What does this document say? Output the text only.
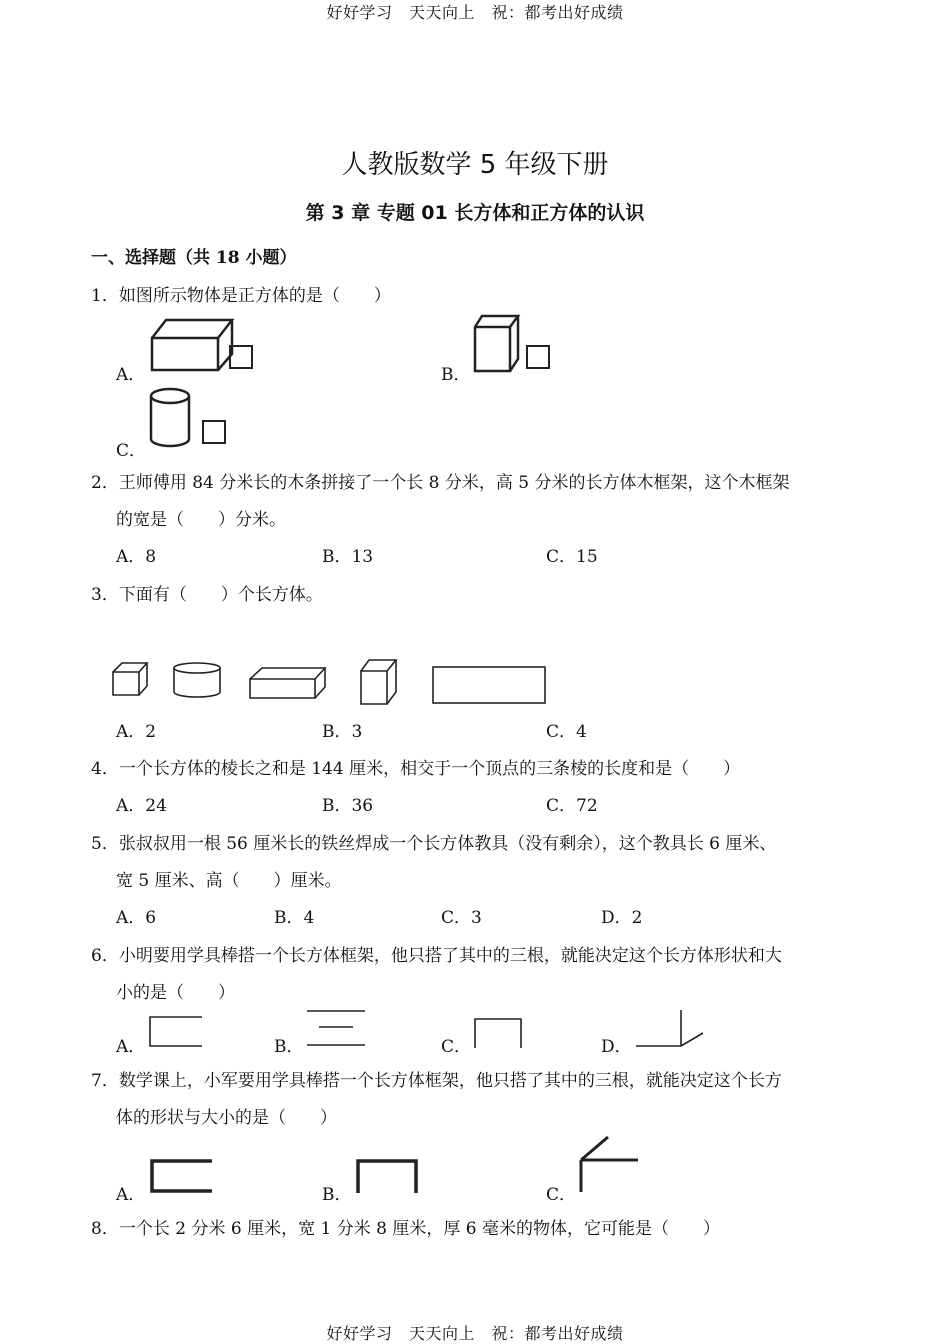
好好学习　天天向上　祝：都考出好成绩
好好学习　天天向上　祝：都考出好成绩
人教版数学 5 年级下册
第 3 章 专题 01 长方体和正方体的认识
一、选择题（共 18 小题）
1．如图所示物体是正方体的是（　　）
A．	B．
C．
2．王师傅用 84 分米长的木条拼接了一个长 8 分米，高 5 分米的长方体木框架，这个木框架
的宽是（　　）分米。
A．8	B．13	C．15
3．下面有（　　）个长方体。
A．2	B．3	C．4
4．一个长方体的棱长之和是 144 厘米，相交于一个顶点的三条棱的长度和是（　　）
A．24	B．36	C．72
5．张叔叔用一根 56 厘米长的铁丝焊成一个长方体教具（没有剩余），这个教具长 6 厘米、
宽 5 厘米、高（　　）厘米。
A．6	B．4	C．3	D．2
6．小明要用学具棒搭一个长方体框架，他只搭了其中的三根，就能决定这个长方体形状和大
小的是（　　）
A．	B．	C．	D．
7．数学课上，小军要用学具棒搭一个长方体框架，他只搭了其中的三根，就能决定这个长方
体的形状与大小的是（　　）
A．	B．	C．
8．一个长 2 分米 6 厘米，宽 1 分米 8 厘米，厚 6 毫米的物体，它可能是（　　）
